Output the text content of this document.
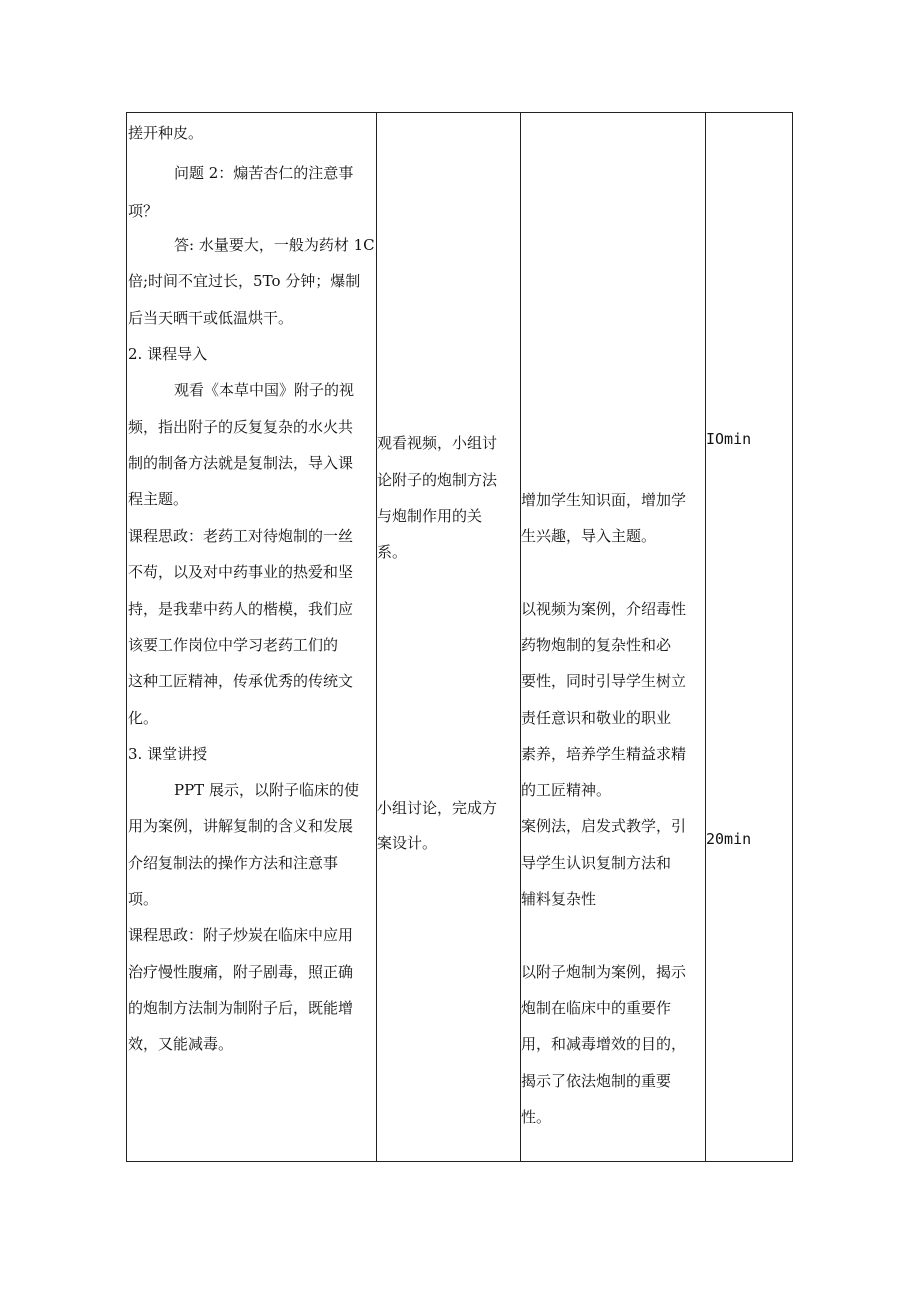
搓开种皮。
问题 2：煽苦杏仁的注意事
项？
答: 水量要大，一般为药材 1C
倍;时间不宜过长，5To 分钟；爆制
后当天晒干或低温烘干。
2. 课程导入
观看《本草中国》附子的视
频，指出附子的反复复杂的水火共
制的制备方法就是复制法，导入课
程主题。
课程思政：老药工对待炮制的一丝
不苟，以及对中药事业的热爱和坚
持，是我辈中药人的楷模，我们应
该要工作岗位中学习老药工们的
这种工匠精神，传承优秀的传统文
化。
3. 课堂讲授
PPT 展示，以附子临床的使
用为案例，讲解复制的含义和发展
介绍复制法的操作方法和注意事
项。
课程思政：附子炒炭在临床中应用
治疗慢性腹痛，附子剧毒，照正确
的炮制方法制为制附子后，既能增
效，又能减毒。
观看视频，小组讨
论附子的炮制方法
与炮制作用的关
系。
小组讨论，完成方
案设计。
增加学生知识面，增加学
生兴趣，导入主题。
以视频为案例，介绍毒性
药物炮制的复杂性和必
要性，同时引导学生树立
责任意识和敬业的职业
素养，培养学生精益求精
的工匠精神。
案例法，启发式教学，引
导学生认识复制方法和
辅料复杂性
以附子炮制为案例，揭示
炮制在临床中的重要作
用，和减毒增效的目的，
揭示了依法炮制的重要
性。
IOmin
20min
